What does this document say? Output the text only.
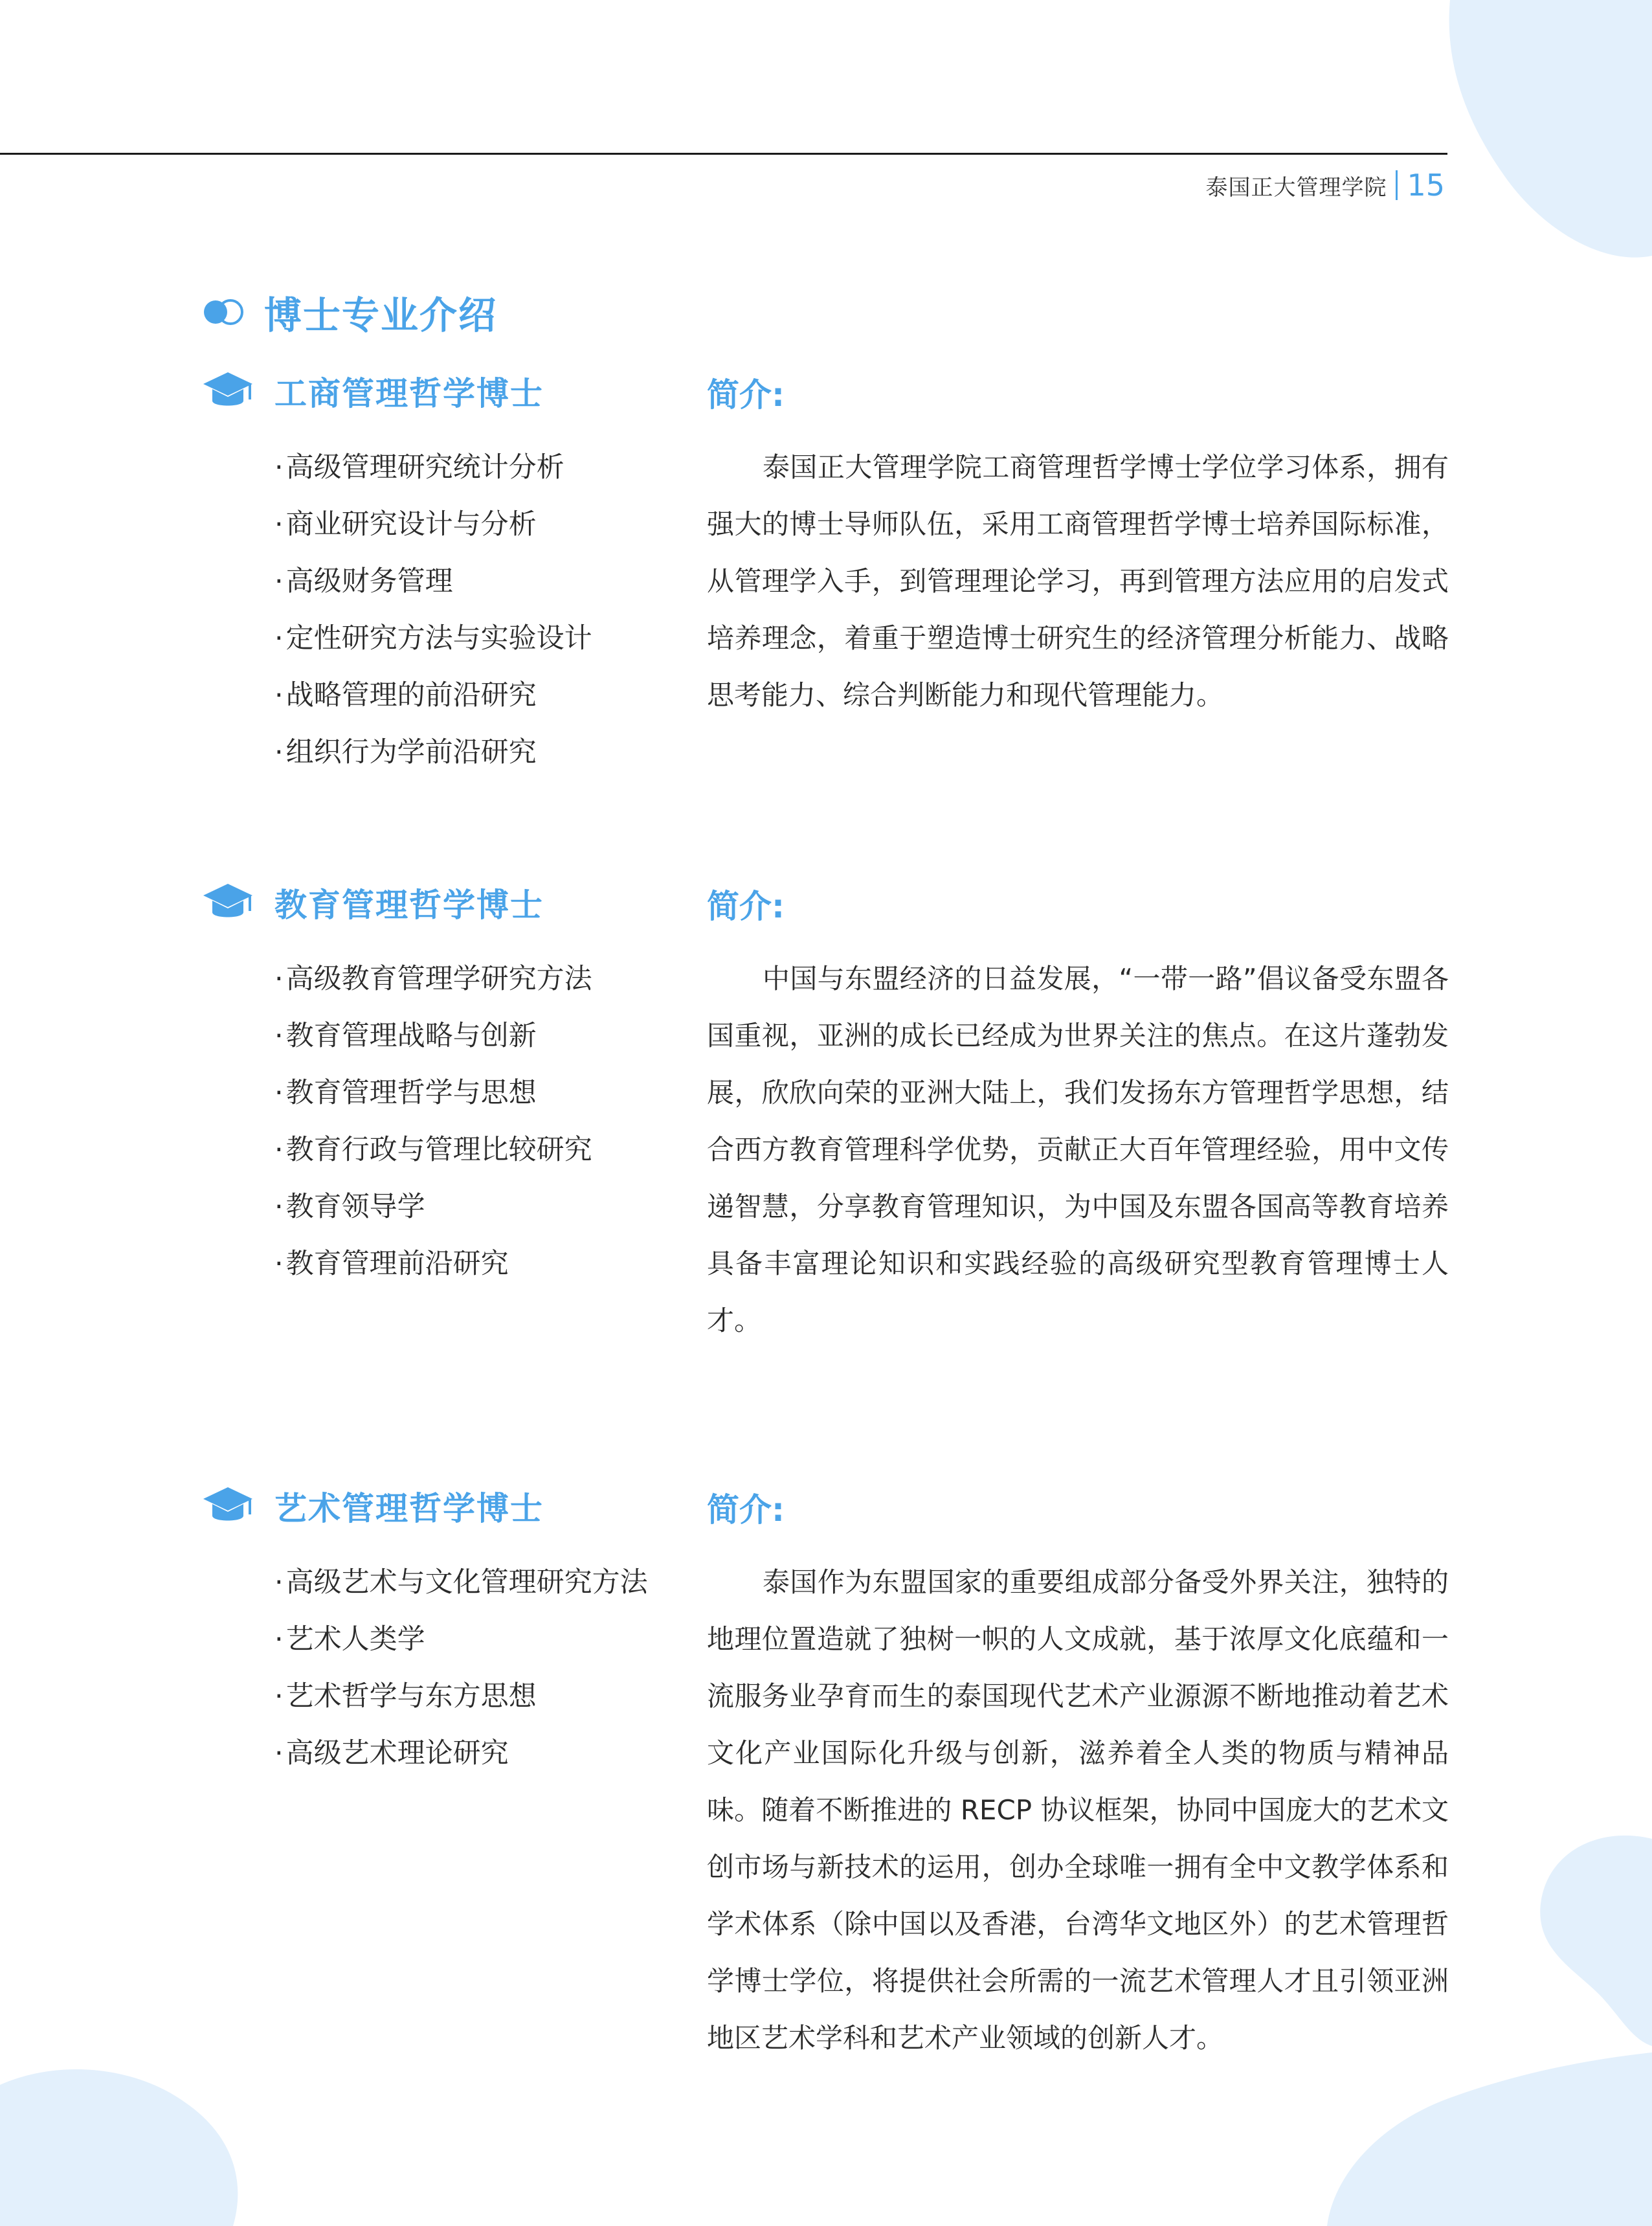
泰国正大管理学院 15
博士专业介绍
工商管理哲学博士	简介:
· 高级管理研究统计分析
· 商业研究设计与分析
· 高级财务管理
· 定性研究方法与实验设计
· 战略管理的前沿研究
· 组织行为学前沿研究

泰国正大管理学院工商管理哲学博士学位学习体系，拥有强大的博士导师队伍，采用工商管理哲学博士培养国际标准，从管理学入手，到管理理论学习，再到管理方法应用的启发式培养理念，着重于塑造博士研究生的经济管理分析能力、战略思考能力、综合判断能力和现代管理能力。

教育管理哲学博士	简介:
· 高级教育管理学研究方法
· 教育管理战略与创新
· 教育管理哲学与思想
· 教育行政与管理比较研究
· 教育领导学
· 教育管理前沿研究

中国与东盟经济的日益发展，“一带一路”倡议备受东盟各国重视，亚洲的成长已经成为世界关注的焦点。在这片蓬勃发展，欣欣向荣的亚洲大陆上，我们发扬东方管理哲学思想，结合西方教育管理科学优势，贡献正大百年管理经验，用中文传递智慧，分享教育管理知识，为中国及东盟各国高等教育培养具备丰富理论知识和实践经验的高级研究型教育管理博士人才。

艺术管理哲学博士	简介:
· 高级艺术与文化管理研究方法
· 艺术人类学
· 艺术哲学与东方思想
· 高级艺术理论研究

泰国作为东盟国家的重要组成部分备受外界关注，独特的地理位置造就了独树一帜的人文成就，基于浓厚文化底蕴和一流服务业孕育而生的泰国现代艺术产业源源不断地推动着艺术文化产业国际化升级与创新，滋养着全人类的物质与精神品味。随着不断推进的 RECP 协议框架，协同中国庞大的艺术文创市场与新技术的运用，创办全球唯一拥有全中文教学体系和学术体系（除中国以及香港，台湾华文地区外）的艺术管理哲学博士学位，将提供社会所需的一流艺术管理人才且引领亚洲地区艺术学科和艺术产业领域的创新人才。
